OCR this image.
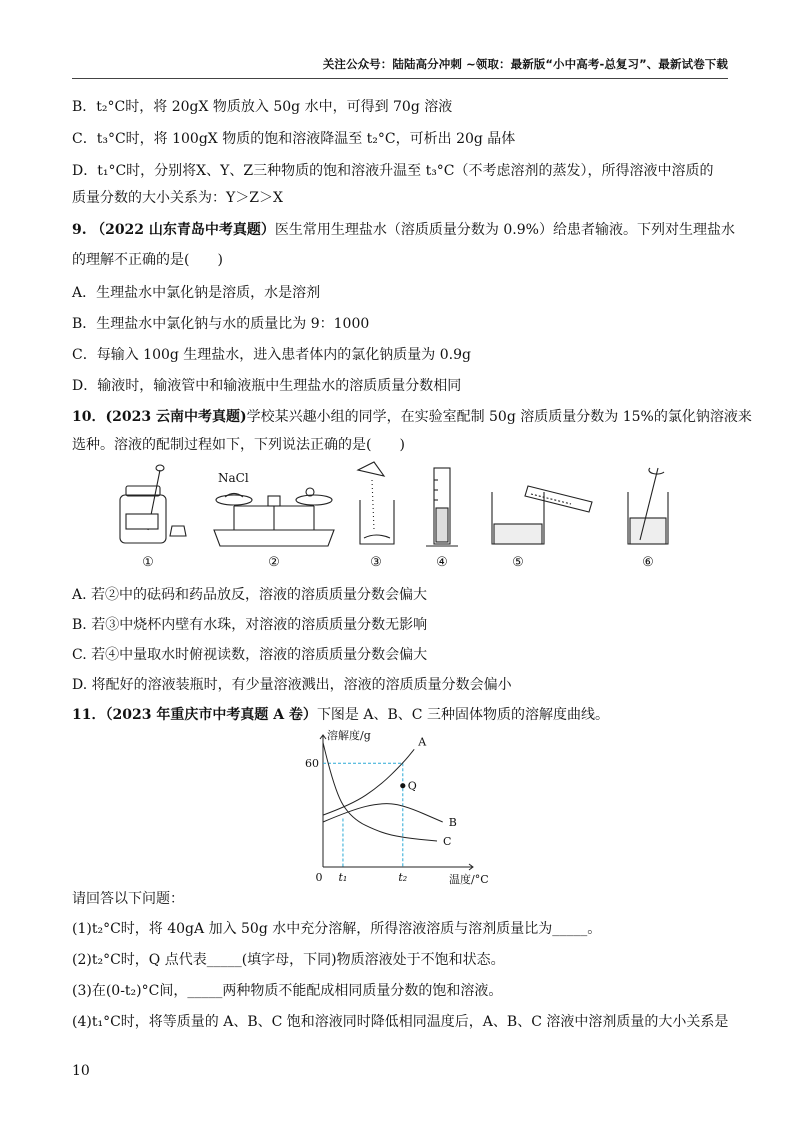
关注公众号：陆陆高分冲刺 ~领取：最新版“小中高考-总复习”、最新试卷下载
B．t₂°C时，将 20gX 物质放入 50g 水中，可得到 70g 溶液
C．t₃°C时，将 100gX 物质的饱和溶液降温至 t₂°C，可析出 20g 晶体
D．t₁°C时，分别将X、Y、Z三种物质的饱和溶液升温至 t₃°C（不考虑溶剂的蒸发），所得溶液中溶质的
质量分数的大小关系为：Y＞Z＞X
9. （2022 山东青岛中考真题）医生常用生理盐水（溶质质量分数为 0.9%）给患者输液。下列对生理盐水
的理解不正确的是(　　)
A．生理盐水中氯化钠是溶质，水是溶剂
B．生理盐水中氯化钠与水的质量比为 9：1000
C．每输入 100g 生理盐水，进入患者体内的氯化钠质量为 0.9g
D．输液时，输液管中和输液瓶中生理盐水的溶质质量分数相同
10．(2023 云南中考真题)学校某兴趣小组的同学，在实验室配制 50g 溶质质量分数为 15%的氯化钠溶液来
选种。溶液的配制过程如下，下列说法正确的是(　　)
NaCl
①	②	③	④	⑤	⑥
A. 若②中的砝码和药品放反，溶液的溶质质量分数会偏大
B. 若③中烧杯内壁有水珠，对溶液的溶质质量分数无影响
C. 若④中量取水时俯视读数，溶液的溶质质量分数会偏大
D. 将配好的溶液装瓶时，有少量溶液溅出，溶液的溶质质量分数会偏小
11．（2023 年重庆市中考真题 A 卷）下图是 A、B、C 三种固体物质的溶解度曲线。
A
B
C
Q
60
0 t₁	t₂
溶解度/g
温度/°C
请回答以下问题：
(1)t₂°C时，将 40gA 加入 50g 水中充分溶解，所得溶液溶质与溶剂质量比为_____。
(2)t₂°C时，Q 点代表_____(填字母，下同)物质溶液处于不饱和状态。
(3)在(0-t₂)°C间，_____两种物质不能配成相同质量分数的饱和溶液。
(4)t₁°C时，将等质量的 A、B、C 饱和溶液同时降低相同温度后，A、B、C 溶液中溶剂质量的大小关系是
10
